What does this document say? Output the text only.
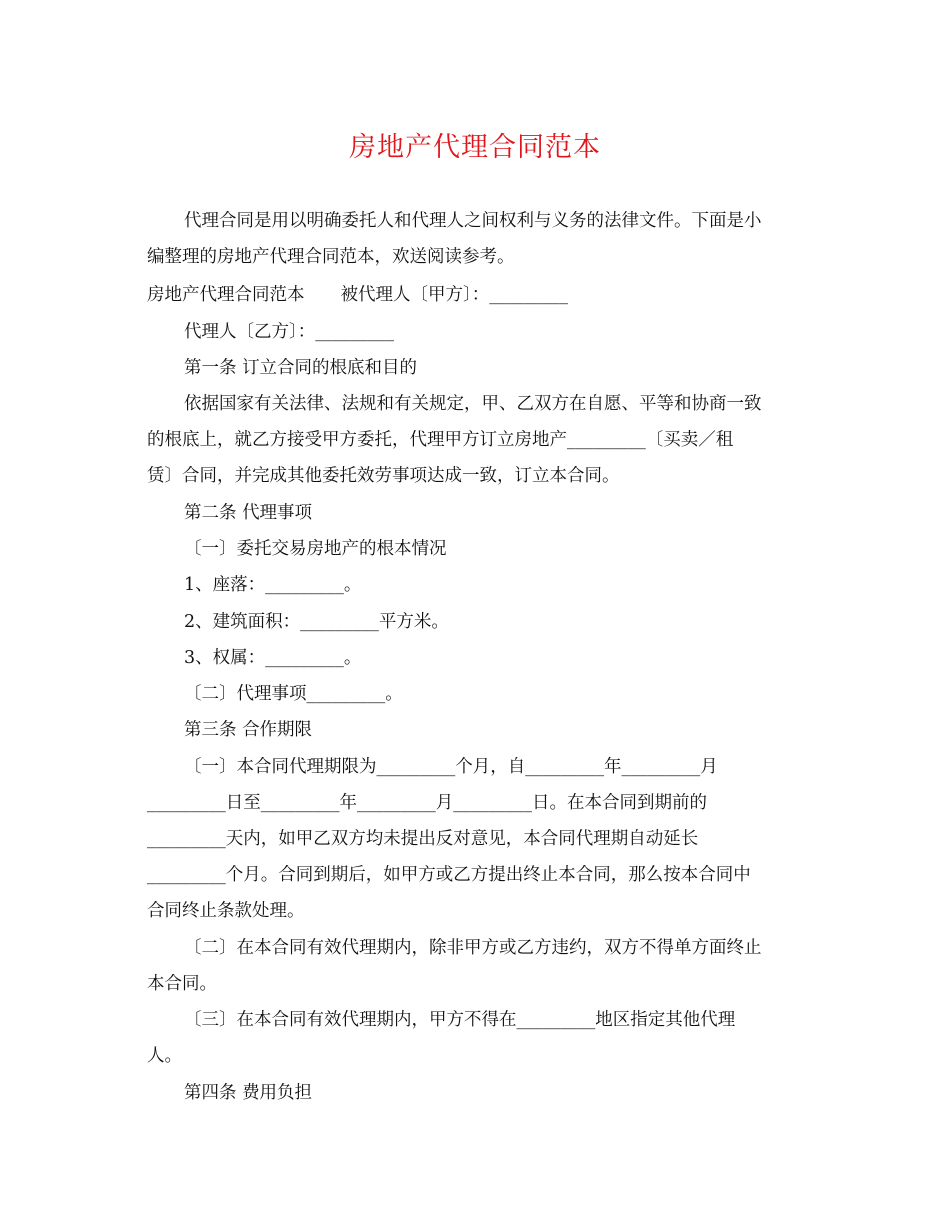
房地产代理合同范本

代理合同是用以明确委托人和代理人之间权利与义务的法律文件。下面是小

编整理的房地产代理合同范本，欢送阅读参考。

房地产代理合同范本 被代理人〔甲方〕：_________

代理人〔乙方〕：_________

第一条 订立合同的根底和目的

依据国家有关法律、法规和有关规定，甲、乙双方在自愿、平等和协商一致

的根底上，就乙方接受甲方委托，代理甲方订立房地产_________〔买卖／租

赁〕合同，并完成其他委托效劳事项达成一致，订立本合同。

第二条 代理事项

〔一〕委托交易房地产的根本情况

1、座落：_________。

2、建筑面积：_________平方米。

3、权属：_________。

〔二〕代理事项_________。

第三条 合作期限

〔一〕本合同代理期限为_________个月，自_________年_________月

_________日至_________年_________月_________日。在本合同到期前的

_________天内，如甲乙双方均未提出反对意见，本合同代理期自动延长

_________个月。合同到期后，如甲方或乙方提出终止本合同，那么按本合同中

合同终止条款处理。

〔二〕在本合同有效代理期内，除非甲方或乙方违约，双方不得单方面终止

本合同。

〔三〕在本合同有效代理期内，甲方不得在_________地区指定其他代理

人。

第四条 费用负担
